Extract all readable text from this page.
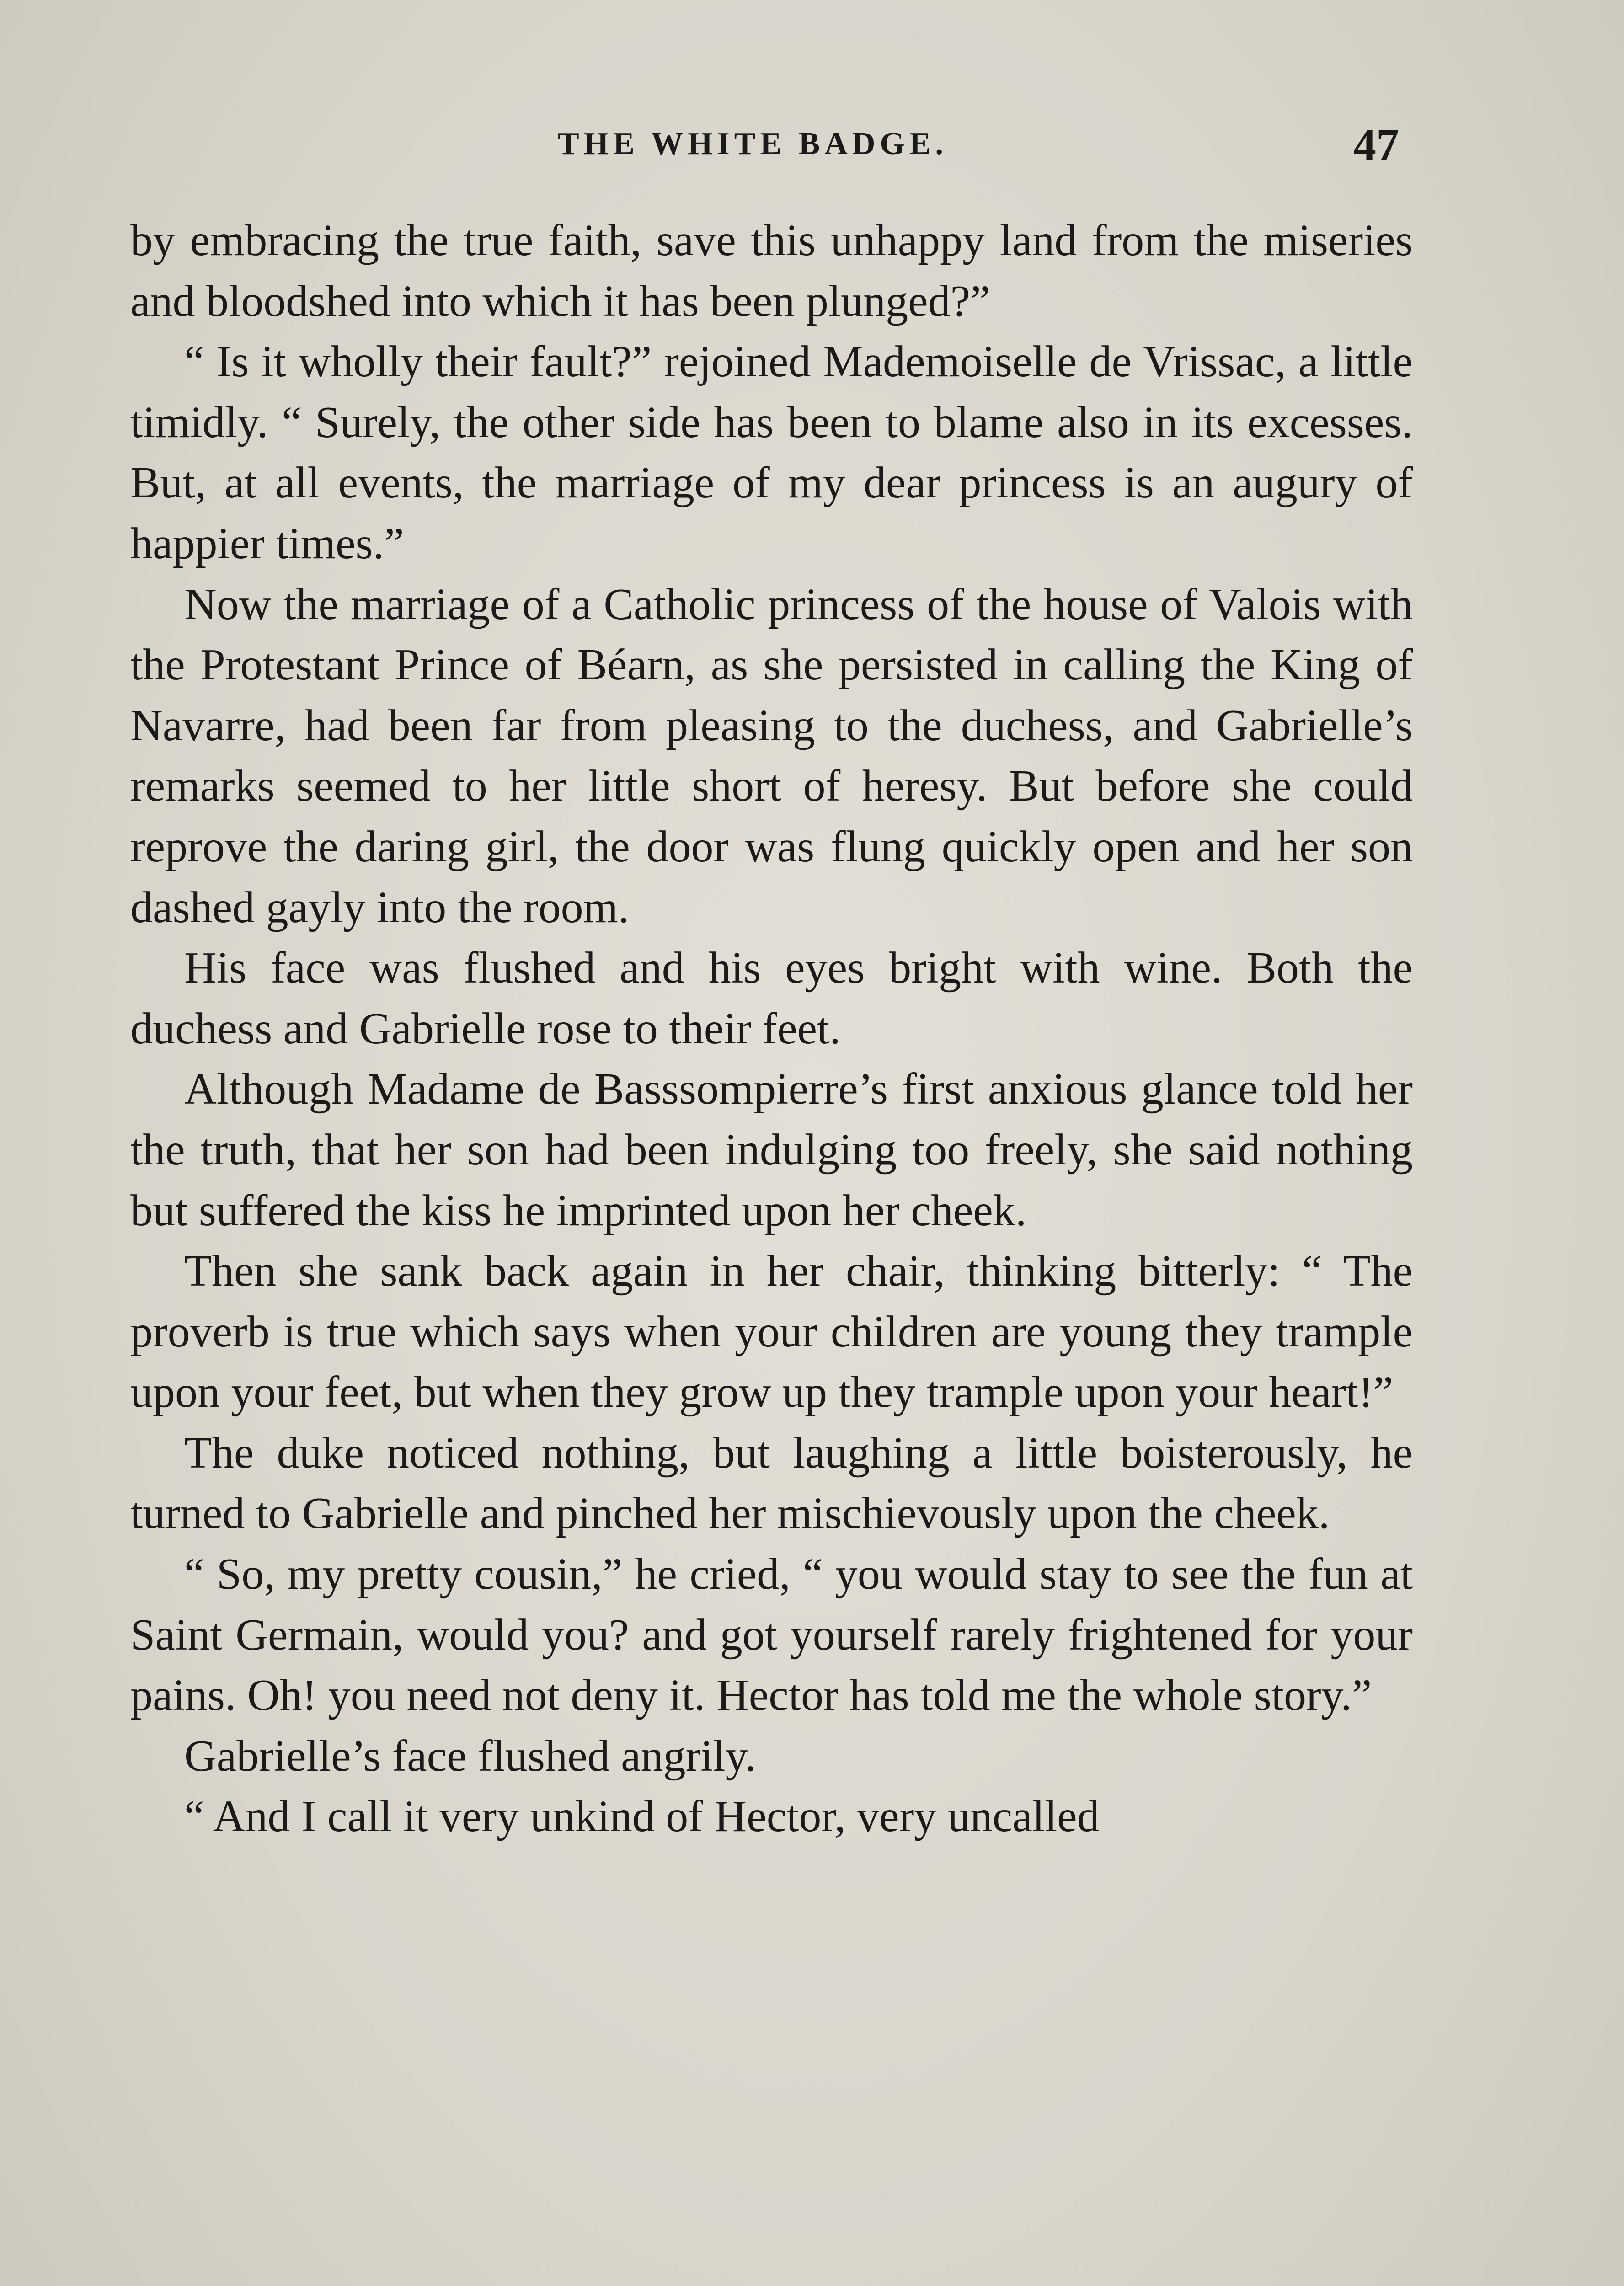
THE WHITE BADGE.	47

by embracing the true faith, save this unhappy land from the miseries and bloodshed into which it has been plunged?”

“ Is it wholly their fault?” rejoined Mademoiselle de Vrissac, a little timidly. “ Surely, the other side has been to blame also in its excesses. But, at all events, the marriage of my dear princess is an augury of happier times.”

Now the marriage of a Catholic princess of the house of Valois with the Protestant Prince of Béarn, as she persisted in calling the King of Navarre, had been far from pleasing to the duchess, and Gabrielle’s remarks seemed to her little short of heresy. But before she could reprove the daring girl, the door was flung quickly open and her son dashed gayly into the room.

His face was flushed and his eyes bright with wine. Both the duchess and Gabrielle rose to their feet.

Although Madame de Basssompierre’s first anxious glance told her the truth, that her son had been indulging too freely, she said nothing but suffered the kiss he imprinted upon her cheek.

Then she sank back again in her chair, thinking bitterly: “ The proverb is true which says when your children are young they trample upon your feet, but when they grow up they trample upon your heart!”

The duke noticed nothing, but laughing a little boisterously, he turned to Gabrielle and pinched her mischievously upon the cheek.

“ So, my pretty cousin,” he cried, “ you would stay to see the fun at Saint Germain, would you? and got yourself rarely frightened for your pains. Oh! you need not deny it. Hector has told me the whole story.”

Gabrielle’s face flushed angrily.

“ And I call it very unkind of Hector, very uncalled
